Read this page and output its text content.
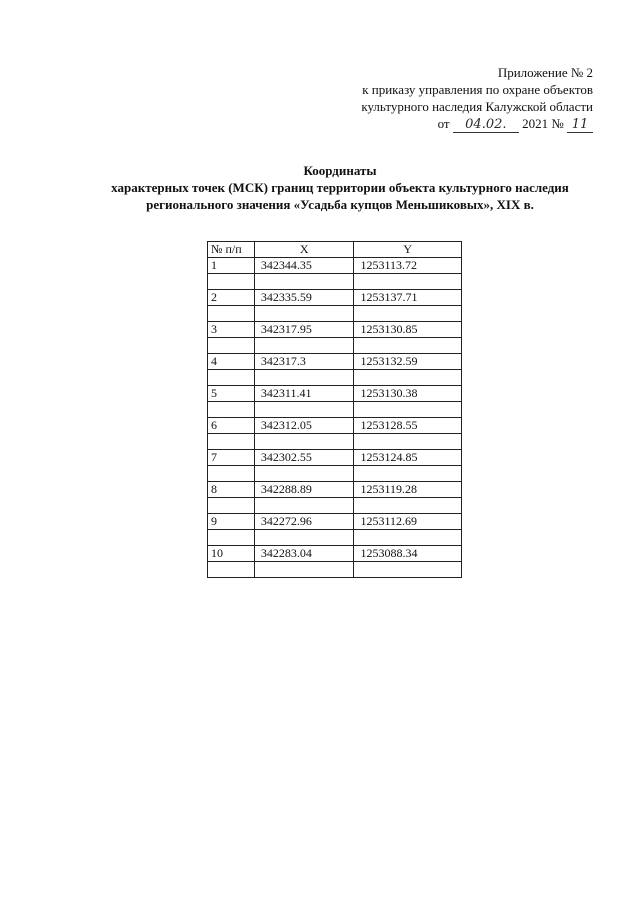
Приложение № 2
к приказу управления по охране объектов
культурного наследия Калужской области
от 04.02. 2021 № 11
Координаты
характерных точек (МСК) границ территории объекта культурного наследия
регионального значения «Усадьба купцов Меньшиковых», XIX в.
№ п/п	X	Y
1	342344.35	1253113.72

2	342335.59	1253137.71

3	342317.95	1253130.85

4	342317.3	1253132.59

5	342311.41	1253130.38

6	342312.05	1253128.55

7	342302.55	1253124.85

8	342288.89	1253119.28

9	342272.96	1253112.69

10	342283.04	1253088.34
